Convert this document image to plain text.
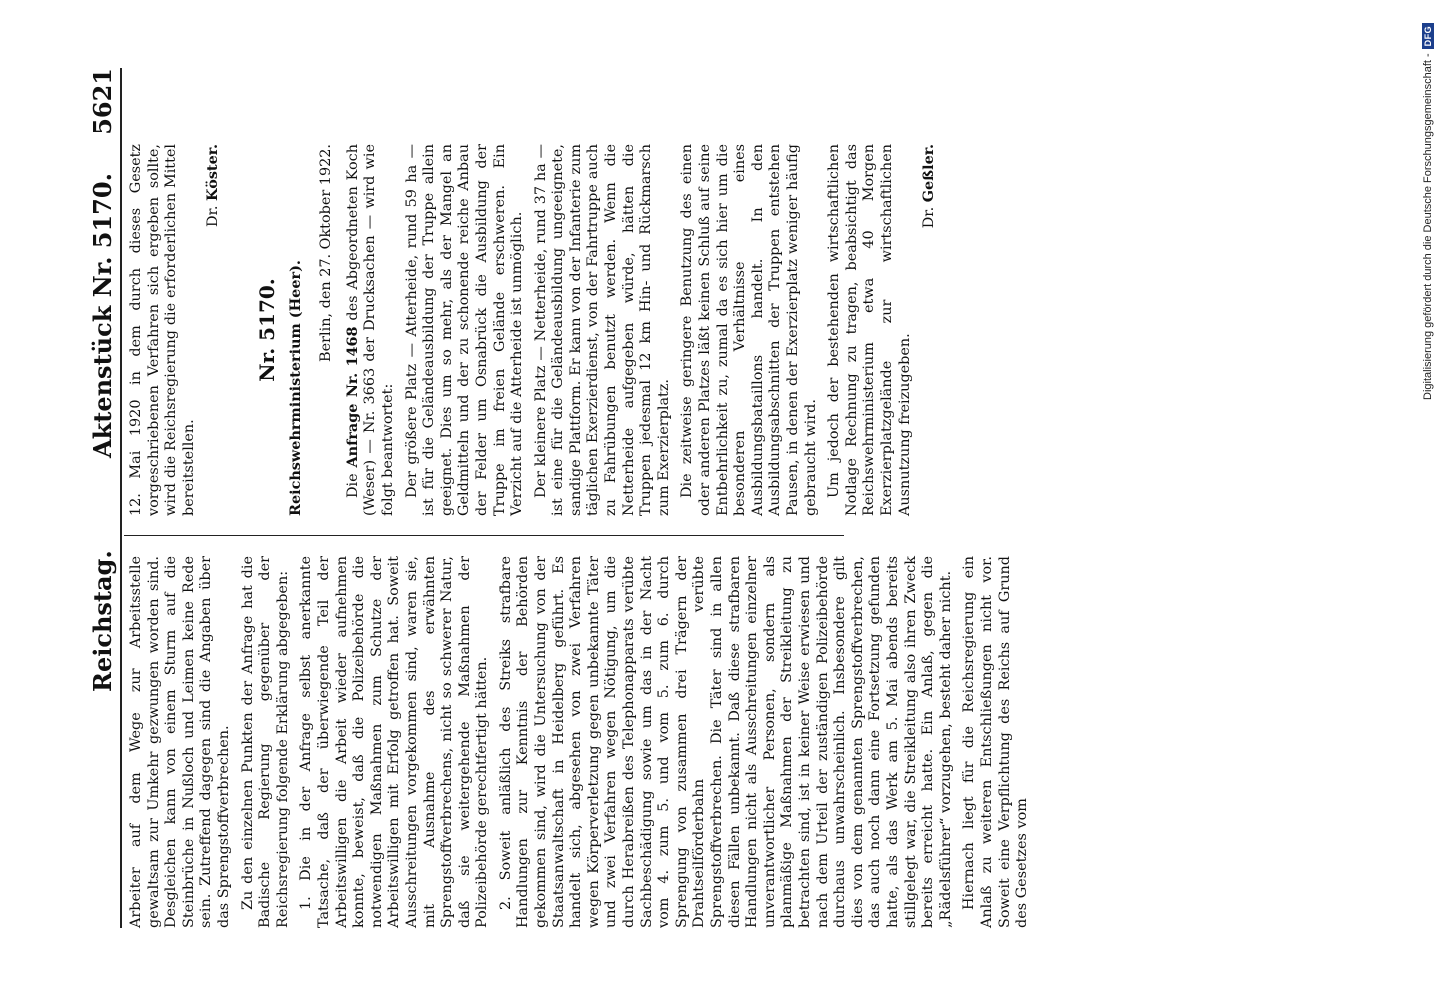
Reichstag.
Aktenstück Nr. 5170.
5621

Arbeiter auf dem Wege zur Arbeitsstelle gewaltsam zur Umkehr gezwungen worden sind. Desgleichen kann von einem Sturm auf die Steinbrüche in Nußloch und Leimen keine Rede sein. Zutreffend dagegen sind die Angaben über das Sprengstoffverbrechen. Zu den einzelnen Punkten der Anfrage hat die Badische Regierung gegenüber der Reichsregierung folgende Erklärung abgegeben: 1. Die in der Anfrage selbst anerkannte Tatsache, daß der überwiegende Teil der Arbeitswilligen die Arbeit wieder aufnehmen konnte, beweist, daß die Polizeibehörde die notwendigen Maßnahmen zum Schutze der Arbeitswilligen mit Erfolg getroffen hat. Soweit Ausschreitungen vorgekommen sind, waren sie, mit Ausnahme des erwähnten Sprengstoffverbrechens, nicht so schwerer Natur, daß sie weitergehende Maßnahmen der Polizeibehörde gerechtfertigt hätten. 2. Soweit anläßlich des Streiks strafbare Handlungen zur Kenntnis der Behörden gekommen sind, wird die Untersuchung von der Staatsanwaltschaft in Heidelberg geführt. Es handelt sich, abgesehen von zwei Verfahren wegen Körperverletzung gegen unbekannte Täter und zwei Verfahren wegen Nötigung, um die durch Herabreißen des Telephonapparats verübte Sachbeschädigung sowie um das in der Nacht vom 4. zum 5. und vom 5. zum 6. durch Sprengung von zusammen drei Trägern der Drahtseilförderbahn verübte Sprengstoffverbrechen. Die Täter sind in allen diesen Fällen unbekannt. Daß diese strafbaren Handlungen nicht als Ausschreitungen einzelner unverantwortlicher Personen, sondern als planmäßige Maßnahmen der Streikleitung zu betrachten sind, ist in keiner Weise erwiesen und nach dem Urteil der zuständigen Polizeibehörde durchaus unwahrscheinlich. Insbesondere gilt dies von dem genannten Sprengstoffverbrechen, das auch noch dann eine Fortsetzung gefunden hatte, als das Werk am 5. Mai abends bereits stillgelegt war, die Streikleitung also ihren Zweck bereits erreicht hatte. Ein Anlaß, gegen die „Rädelsführer“ vorzugehen, besteht daher nicht. Hiernach liegt für die Reichsregierung ein Anlaß zu weiteren Entschließungen nicht vor. Soweit eine Verpflichtung des Reichs auf Grund des Gesetzes vom

12. Mai 1920 in dem durch dieses Gesetz vorgeschriebenen Verfahren sich ergeben sollte, wird die Reichsregierung die erforderlichen Mittel bereitstellen.

Dr. Köster.
Nr. 5170. Reichswehrministerium (Heer).
Berlin, den 27. Oktober 1922.

Die Anfrage Nr. 1468 des Abgeordneten Koch (Weser) — Nr. 3663 der Drucksachen — wird wie folgt beantwortet: Der größere Platz — Atterheide, rund 59 ha — ist für die Geländeausbildung der Truppe allein geeignet. Dies um so mehr, als der Mangel an Geldmitteln und der zu schonende reiche Anbau der Felder um Osnabrück die Ausbildung der Truppe im freien Gelände erschweren. Ein Verzicht auf die Atterheide ist unmöglich. Der kleinere Platz — Netterheide, rund 37 ha — ist eine für die Geländeausbildung ungeeignete, sandige Plattform. Er kann von der Infanterie zum täglichen Exerzierdienst, von der Fahrtruppe auch zu Fahrübungen benutzt werden. Wenn die Netterheide aufgegeben würde, hätten die Truppen jedesmal 12 km Hin- und Rückmarsch zum Exerzierplatz. Die zeitweise geringere Benutzung des einen oder anderen Platzes läßt keinen Schluß auf seine Entbehrlichkeit zu, zumal da es sich hier um die besonderen Verhältnisse eines Ausbildungsbataillons handelt. In den Ausbildungsabschnitten der Truppen entstehen Pausen, in denen der Exerzierplatz weniger häufig gebraucht wird. Um jedoch der bestehenden wirtschaftlichen Notlage Rechnung zu tragen, beabsichtigt das Reichswehrministerium etwa 40 Morgen Exerzierplatzgelände zur wirtschaftlichen Ausnutzung freizugeben.

Dr. Geßler.	Digitalisierung gefördert durch die Deutsche Forschungsgemeinschaft -
DFG
